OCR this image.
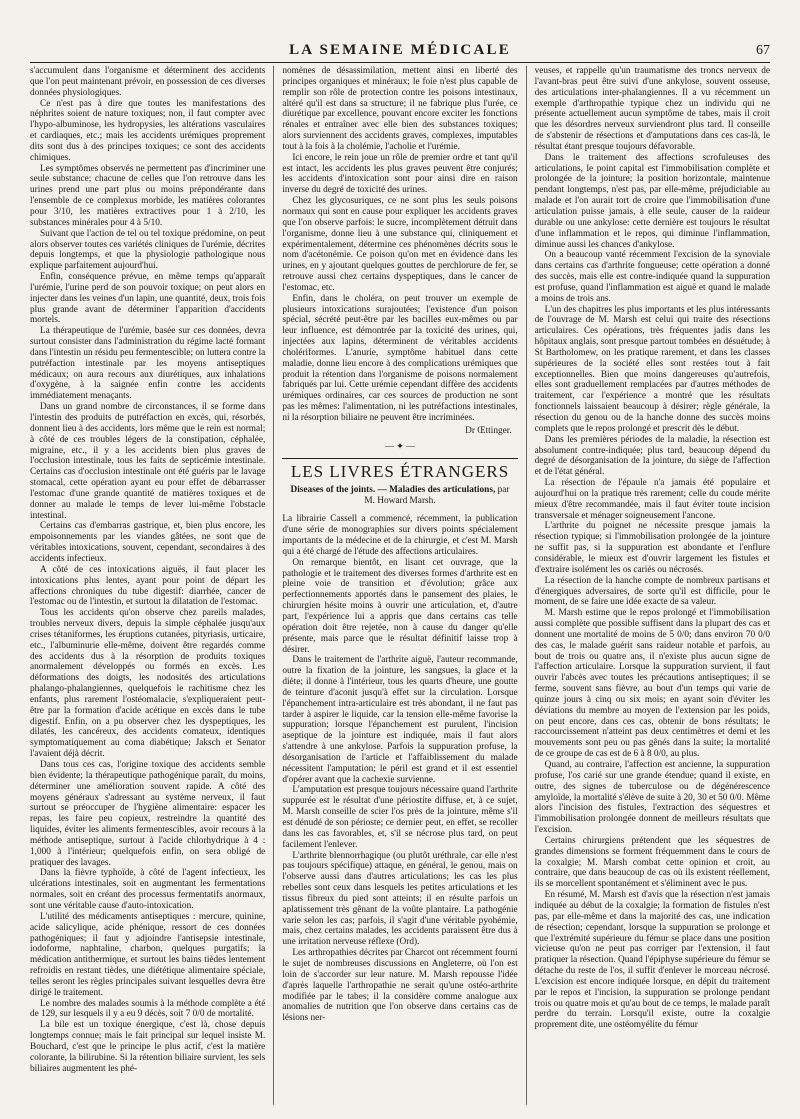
LA SEMAINE MÉDICALE	67

s'accumulent dans l'organisme et déterminent des accidents que l'on peut maintenant prévoir, en possession de ces diverses données physiologiques.

Ce n'est pas à dire que toutes les manifestations des néphrites soient de nature toxiques; non, il faut compter avec l'hypo-albuminose, les hydropysies, les altérations vasculaires et cardiaques, etc.; mais les accidents urémiques proprement dits sont dus à des principes toxiques; ce sont des accidents chimiques.

Les symptômes observés ne permettent pas d'incriminer une seule substance; chacune de celles que l'on retrouve dans les urines prend une part plus ou moins prépondérante dans l'ensemble de ce complexus morbide, les matières colorantes pour 3/10, les matières extractives pour 1 à 2/10, les substances minérales pour 4 à 5/10.

Suivant que l'action de tel ou tel toxique prédomine, on peut alors observer toutes ces variétés cliniques de l'urémie, décrites depuis longtemps, et que la physiologie pathologique nous explique parfaitement aujourd'hui.

Enfin, conséquence prévue, en même temps qu'apparaît l'urémie, l'urine perd de son pouvoir toxique; on peut alors en injecter dans les veines d'un lapin, une quantité, deux, trois fois plus grande avant de déterminer l'apparition d'accidents mortels.

La thérapeutique de l'urémie, basée sur ces données, devra surtout consister dans l'administration du régime lacté formant dans l'intestin un résidu peu fermentescible; on luttera contre la putréfaction intestinale par les moyens antiseptiques médicaux; on aura recours aux diurétiques, aux inhalations d'oxygène, à la saignée enfin contre les accidents immédiatement menaçants.

Dans un grand nombre de circonstances, il se forme dans l'intestin des produits de putréfaction en excès, qui, résorbés, donnent lieu à des accidents, lors même que le rein est normal; à côté de ces troubles légers de la constipation, céphalée, migraine, etc., il y a les accidents bien plus graves de l'occlusion intestinale, tous les faits de septicémie intestinale. Certains cas d'occlusion intestinale ont été guéris par le lavage stomacal, cette opération ayant eu pour effet de débarrasser l'estomac d'une grande quantité de matières toxiques et de donner au malade le temps de lever lui-même l'obstacle intestinal.

Certains cas d'embarras gastrique, et, bien plus encore, les empoisonnements par les viandes gâtées, ne sont que de véritables intoxications, souvent, cependant, secondaires à des accidents infectieux.

A côté de ces intoxications aiguës, il faut placer les intoxications plus lentes, ayant pour point de départ les affections chroniques du tube digestif: diarrhée, cancer de l'estomac ou de l'intestin, et surtout la dilatation de l'estomac.

Tous les accidents qu'on observe chez pareils malades, troubles nerveux divers, depuis la simple céphalée jusqu'aux crises tétaniformes, les éruptions cutanées, pityriasis, urticaire, etc., l'albuminurie elle-même, doivent être regardés comme des accidents dus à la résorption de produits toxiques anormalement développés ou formés en excès. Les déformations des doigts, les nodosités des articulations phalango-phalangiennes, quelquefois le rachitisme chez les enfants, plus rarement l'ostéomalacie, s'expliqueraient peut-être par la formation d'acide acétique en excès dans le tube digestif. Enfin, on a pu observer chez les dyspeptiques, les dilatés, les cancéreux, des accidents comateux, identiques symptomatiquement au coma diabétique; Jaksch et Senator l'avaient déjà décrit.

Dans tous ces cas, l'origine toxique des accidents semble bien évidente; la thérapeutique pathogénique paraît, du moins, déterminer une amélioration souvent rapide. A côté des moyens généraux s'adressant au système nerveux, il faut surtout se préoccuper de l'hygiène alimentaire: espacer les repas, les faire peu copieux, restreindre la quantité des liquides, éviter les aliments fermentescibles, avoir recours à la méthode antiseptique, surtout à l'acide chlorhydrique à 4 : 1,000 à l'intérieur; quelquefois enfin, on sera obligé de pratiquer des lavages.

Dans la fièvre typhoïde, à côté de l'agent infectieux, les ulcérations intestinales, soit en augmentant les fermentations normales, soit en créant des processus fermentatifs anormaux, sont une véritable cause d'auto-intoxication.

L'utilité des médicaments antiseptiques : mercure, quinine, acide salicylique, acide phénique, ressort de ces données pathogéniques; il faut y adjoindre l'antisepsie intestinale, iodoforme, naphtaline, charbon, quelques purgatifs; la médication antithermique, et surtout les bains tièdes lentement refroidis en restant tièdes, une diététique alimentaire spéciale, telles seront les règles principales suivant lesquelles devra être dirigé le traitement.

Le nombre des malades soumis à la méthode complète a été de 129, sur lesquels il y a eu 9 décès, soit 7 0/0 de mortalité.

La bile est un toxique énergique, c'est là, chose depuis longtemps connue; mais le fait principal sur lequel insiste M. Bouchard, c'est que le principe le plus actif, c'est la matière colorante, la bilirubine. Si la rétention biliaire survient, les sels biliaires augmentent les phé-

nomènes de désassimilation, mettent ainsi en liberté des principes organiques et minéraux; le foie n'est plus capable de remplir son rôle de protection contre les poisons intestinaux, altéré qu'il est dans sa structure; il ne fabrique plus l'urée, ce diurétique par excellence, pouvant encore exciter les fonctions rénales et entraîner avec elle bien des substances toxiques; alors surviennent des accidents graves, complexes, imputables tout à la fois à la cholémie, l'acholie et l'urémie.

Ici encore, le rein joue un rôle de premier ordre et tant qu'il est intact, les accidents les plus graves peuvent être conjurés; les accidents d'intoxication sont pour ainsi dire en raison inverse du degré de toxicité des urines.

Chez les glycosuriques, ce ne sont plus les seuls poisons normaux qui sont en cause pour expliquer les accidents graves que l'on observe parfois: le sucre, incomplètement détruit dans l'organisme, donne lieu à une substance qui, cliniquement et expérimentalement, détermine ces phénomènes décrits sous le nom d'acétonémie. Ce poison qu'on met en évidence dans les urines, en y ajoutant quelques gouttes de perchlorure de fer, se retrouve aussi chez certains dyspeptiques, dans le cancer de l'estomac, etc.

Enfin, dans le choléra, on peut trouver un exemple de plusieurs intoxications surajoutées; l'existence d'un poison spécial, sécrété peut-être par les bacilles eux-mêmes ou par leur influence, est démontrée par la toxicité des urines, qui, injectées aux lapins, déterminent de véritables accidents cholériformes. L'anurie, symptôme habituel dans cette maladie, donne lieu encore à des complications urémiques que produit la rétention dans l'organisme de poisons normalement fabriqués par lui. Cette urémie cependant diffère des accidents urémiques ordinaires, car ces sources de production ne sont pas les mêmes: l'alimentation, ni les putréfactions intestinales, ni la résorption biliaire ne peuvent être incriminées.

Dr Œttinger.
— ✦ —
LES LIVRES ÉTRANGERS
Diseases of the joints. — Maladies des articulations, par M. Howard Marsh.

La librairie Cassell a commencé, récemment, la publication d'une série de monographies sur divers points spécialement importants de la médecine et de la chirurgie, et c'est M. Marsh qui a été chargé de l'étude des affections articulaires.

On remarque bientôt, en lisant cet ouvrage, que la pathologie et le traitement des diverses formes d'arthrite est en pleine voie de transition et d'évolution; grâce aux perfectionnements apportés dans le pansement des plaies, le chirurgien hésite moins à ouvrir une articulation, et, d'autre part, l'expérience lui a appris que dans certains cas telle opération doit être rejetée, non à cause du danger qu'elle présente, mais parce que le résultat définitif laisse trop à désirer.

Dans le traitement de l'arthrite aiguë, l'auteur recommande, outre la fixation de la jointure, les sangsues, la glace et la diète; il donne à l'intérieur, tous les quarts d'heure, une goutte de teinture d'aconit jusqu'à effet sur la circulation. Lorsque l'épanchement intra-articulaire est très abondant, il ne faut pas tarder à aspirer le liquide, car la tension elle-même favorise la suppuration; lorsque l'épanchement est purulent, l'incision aseptique de la jointure est indiquée, mais il faut alors s'attendre à une ankylose. Parfois la suppuration profuse, la désorganisation de l'article et l'affaiblissement du malade nécessitent l'amputation; le péril est grand et il est essentiel d'opérer avant que la cachexie survienne.

L'amputation est presque toujours nécessaire quand l'arthrite suppurée est le résultat d'une périostite diffuse, et, à ce sujet, M. Marsh conseille de scier l'os près de la jointure, même s'il est dénudé de son périoste; ce dernier peut, en effet, se recoller dans les cas favorables, et, s'il se nécrose plus tard, on peut facilement l'enlever.

L'arthrite blennorrhagique (ou plutôt uréthrale, car elle n'est pas toujours spécifique) attaque, en général, le genou, mais on l'observe aussi dans d'autres articulations; les cas les plus rebelles sont ceux dans lesquels les petites articulations et les tissus fibreux du pied sont atteints; il en résulte parfois un aplatissement très gênant de la voûte plantaire. La pathogénie varie selon les cas; parfois, il s'agit d'une véritable pyohémie, mais, chez certains malades, les accidents paraissent être dus à une irritation nerveuse réflexe (Ord).

Les arthropathies décrites par Charcot ont récemment fourni le sujet de nombreuses discussions en Angleterre, où l'on est loin de s'accorder sur leur nature. M. Marsh repousse l'idée d'après laquelle l'arthropathie ne serait qu'une ostéo-arthrite modifiée par le tabes; il la considère comme analogue aux anomalies de nutrition que l'on observe dans certains cas de lésions ner-

veuses, et rappelle qu'un traumatisme des troncs nerveux de l'avant-bras peut être suivi d'une ankylose, souvent osseuse, des articulations inter-phalangiennes. Il a vu récemment un exemple d'arthropathie typique chez un individu qui ne présente actuellement aucun symptôme de tabes, mais il croit que les désordres nerveux surviendront plus tard. Il conseille de s'abstenir de résections et d'amputations dans ces cas-là, le résultat étant presque toujours défavorable.

Dans le traitement des affections scrofuleuses des articulations, le point capital est l'immobilisation complète et prolongée de la jointure; la position horizontale, maintenue pendant longtemps, n'est pas, par elle-même, préjudiciable au malade et l'on aurait tort de croire que l'immobilisation d'une articulation puisse jamais, à elle seule, causer de la raideur durable ou une ankylose: cette dernière est toujours le résultat d'une inflammation et le repos, qui diminue l'inflammation, diminue aussi les chances d'ankylose.

On a beaucoup vanté récemment l'excision de la synoviale dans certains cas d'arthrite fongueuse; cette opération a donné des succès, mais elle est contre-indiquée quand la suppuration est profuse, quand l'inflammation est aiguë et quand le malade a moins de trois ans.

L'un des chapitres les plus importants et les plus intéressants de l'ouvrage de M. Marsh est celui qui traite des résections articulaires. Ces opérations, très fréquentes jadis dans les hôpitaux anglais, sont presque partout tombées en désuétude; à St Bartholomew, on les pratique rarement, et dans les classes supérieures de la société elles sont restées tout à fait exceptionnelles. Bien que moins dangereuses qu'autrefois, elles sont graduellement remplacées par d'autres méthodes de traitement, car l'expérience a montré que les résultats fonctionnels laissaient beaucoup à désirer; règle générale, la résection du genou ou de la hanche donne des succès moins complets que le repos prolongé et prescrit dès le début.

Dans les premières périodes de la maladie, la résection est absolument contre-indiquée; plus tard, beaucoup dépend du degré de désorganisation de la jointure, du siège de l'affection et de l'état général.

La résection de l'épaule n'a jamais été populaire et aujourd'hui on la pratique très rarement; celle du coude mérite mieux d'être recommandée, mais il faut éviter toute incision transversale et ménager soigneusement l'ancone.

L'arthrite du poignet ne nécessite presque jamais la résection typique; si l'immobilisation prolongée de la jointure ne suffit pas, si la suppuration est abondante et l'enflure considérable, le mieux est d'ouvrir largement les fistules et d'extraire isolément les os cariés ou nécrosés.

La résection de la hanche compte de nombreux partisans et d'énergiques adversaires, de sorte qu'il est difficile, pour le moment, de se faire une idée exacte de sa valeur.

M. Marsh estime que le repos prolongé et l'immobilisation aussi complète que possible suffisent dans la plupart des cas et donnent une mortalité de moins de 5 0/0; dans environ 70 0/0 des cas, le malade guérit sans raideur notable et parfois, au bout de trois ou quatre ans, il n'existe plus aucun signe de l'affection articulaire. Lorsque la suppuration survient, il faut ouvrir l'abcès avec toutes les précautions antiseptiques; il se ferme, souvent sans fièvre, au bout d'un temps qui varie de quinze jours à cinq ou six mois; en ayant soin d'éviter les déviations du membre au moyen de l'extension par les poids, on peut encore, dans ces cas, obtenir de bons résultats; le raccourcissement n'atteint pas deux centimètres et demi et les mouvements sont peu ou pas gênés dans la suite; la mortalité de ce groupe de cas est de 6 à 8 0/0, au plus.

Quand, au contraire, l'affection est ancienne, la suppuration profuse, l'os carié sur une grande étendue; quand il existe, en outre, des signes de tuberculose ou de dégénérescence amyloïde, la mortalité s'élève de suite à 20, 30 et 50 0/0. Même alors l'incision des fistules, l'extraction des séquestres et l'immobilisation prolongée donnent de meilleurs résultats que l'excision.

Certains chirurgiens prétendent que les séquestres de grandes dimensions se forment fréquemment dans le cours de la coxalgie; M. Marsh combat cette opinion et croit, au contraire, que dans beaucoup de cas où ils existent réellement, ils se morcellent spontanément et s'éliminent avec le pus.

En résumé, M. Marsh est d'avis que la résection n'est jamais indiquée au début de la coxalgie; la formation de fistules n'est pas, par elle-même et dans la majorité des cas, une indication de résection; cependant, lorsque la suppuration se prolonge et que l'extrémité supérieure du fémur se place dans une position vicieuse qu'on ne peut pas corriger par l'extension, il faut pratiquer la résection. Quand l'épiphyse supérieure du fémur se détache du reste de l'os, il suffit d'enlever le morceau nécrosé. L'excision est encore indiquée lorsque, en dépit du traitement par le repos et l'incision, la suppuration se prolonge pendant trois ou quatre mois et qu'au bout de ce temps, le malade paraît perdre du terrain. Lorsqu'il existe, outre la coxalgie proprement dite, une ostéomyélite du fémur
